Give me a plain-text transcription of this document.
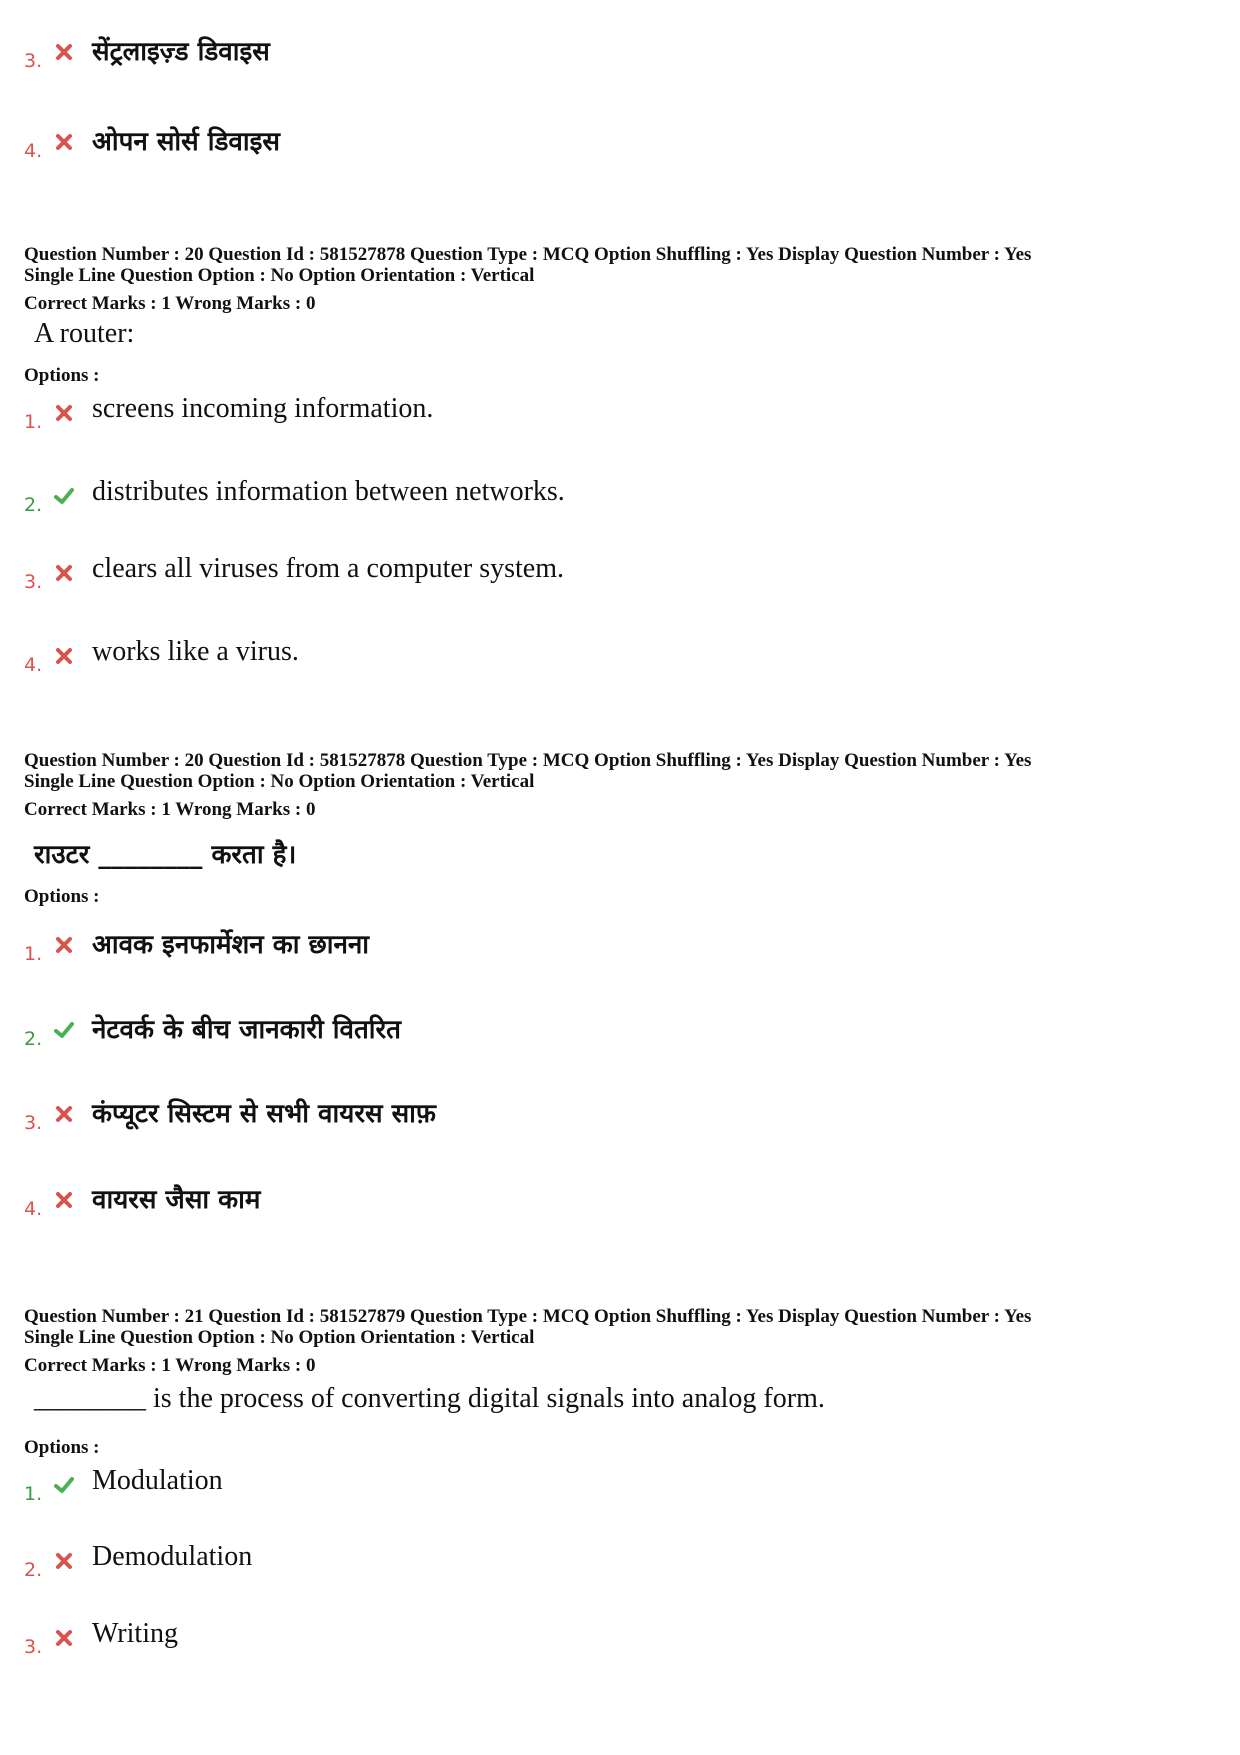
3. सेंट्रलाइज़्ड डिवाइस
4. ओपन सोर्स डिवाइस
Question Number : 20 Question Id : 581527878 Question Type : MCQ Option Shuffling : Yes Display Question Number : Yes
Single Line Question Option : No Option Orientation : Vertical
Correct Marks : 1 Wrong Marks : 0
A router:
Options :
1. screens incoming information.
2. distributes information between networks.
3. clears all viruses from a computer system.
4. works like a virus.
Question Number : 20 Question Id : 581527878 Question Type : MCQ Option Shuffling : Yes Display Question Number : Yes
Single Line Question Option : No Option Orientation : Vertical
Correct Marks : 1 Wrong Marks : 0
राउटर ________ करता है।
Options :
1. आवक इनफार्मेशन का छानना
2. नेटवर्क के बीच जानकारी वितरित
3. कंप्यूटर सिस्टम से सभी वायरस साफ़
4. वायरस जैसा काम
Question Number : 21 Question Id : 581527879 Question Type : MCQ Option Shuffling : Yes Display Question Number : Yes
Single Line Question Option : No Option Orientation : Vertical
Correct Marks : 1 Wrong Marks : 0
________ is the process of converting digital signals into analog form.
Options :
1. Modulation
2. Demodulation
3. Writing
